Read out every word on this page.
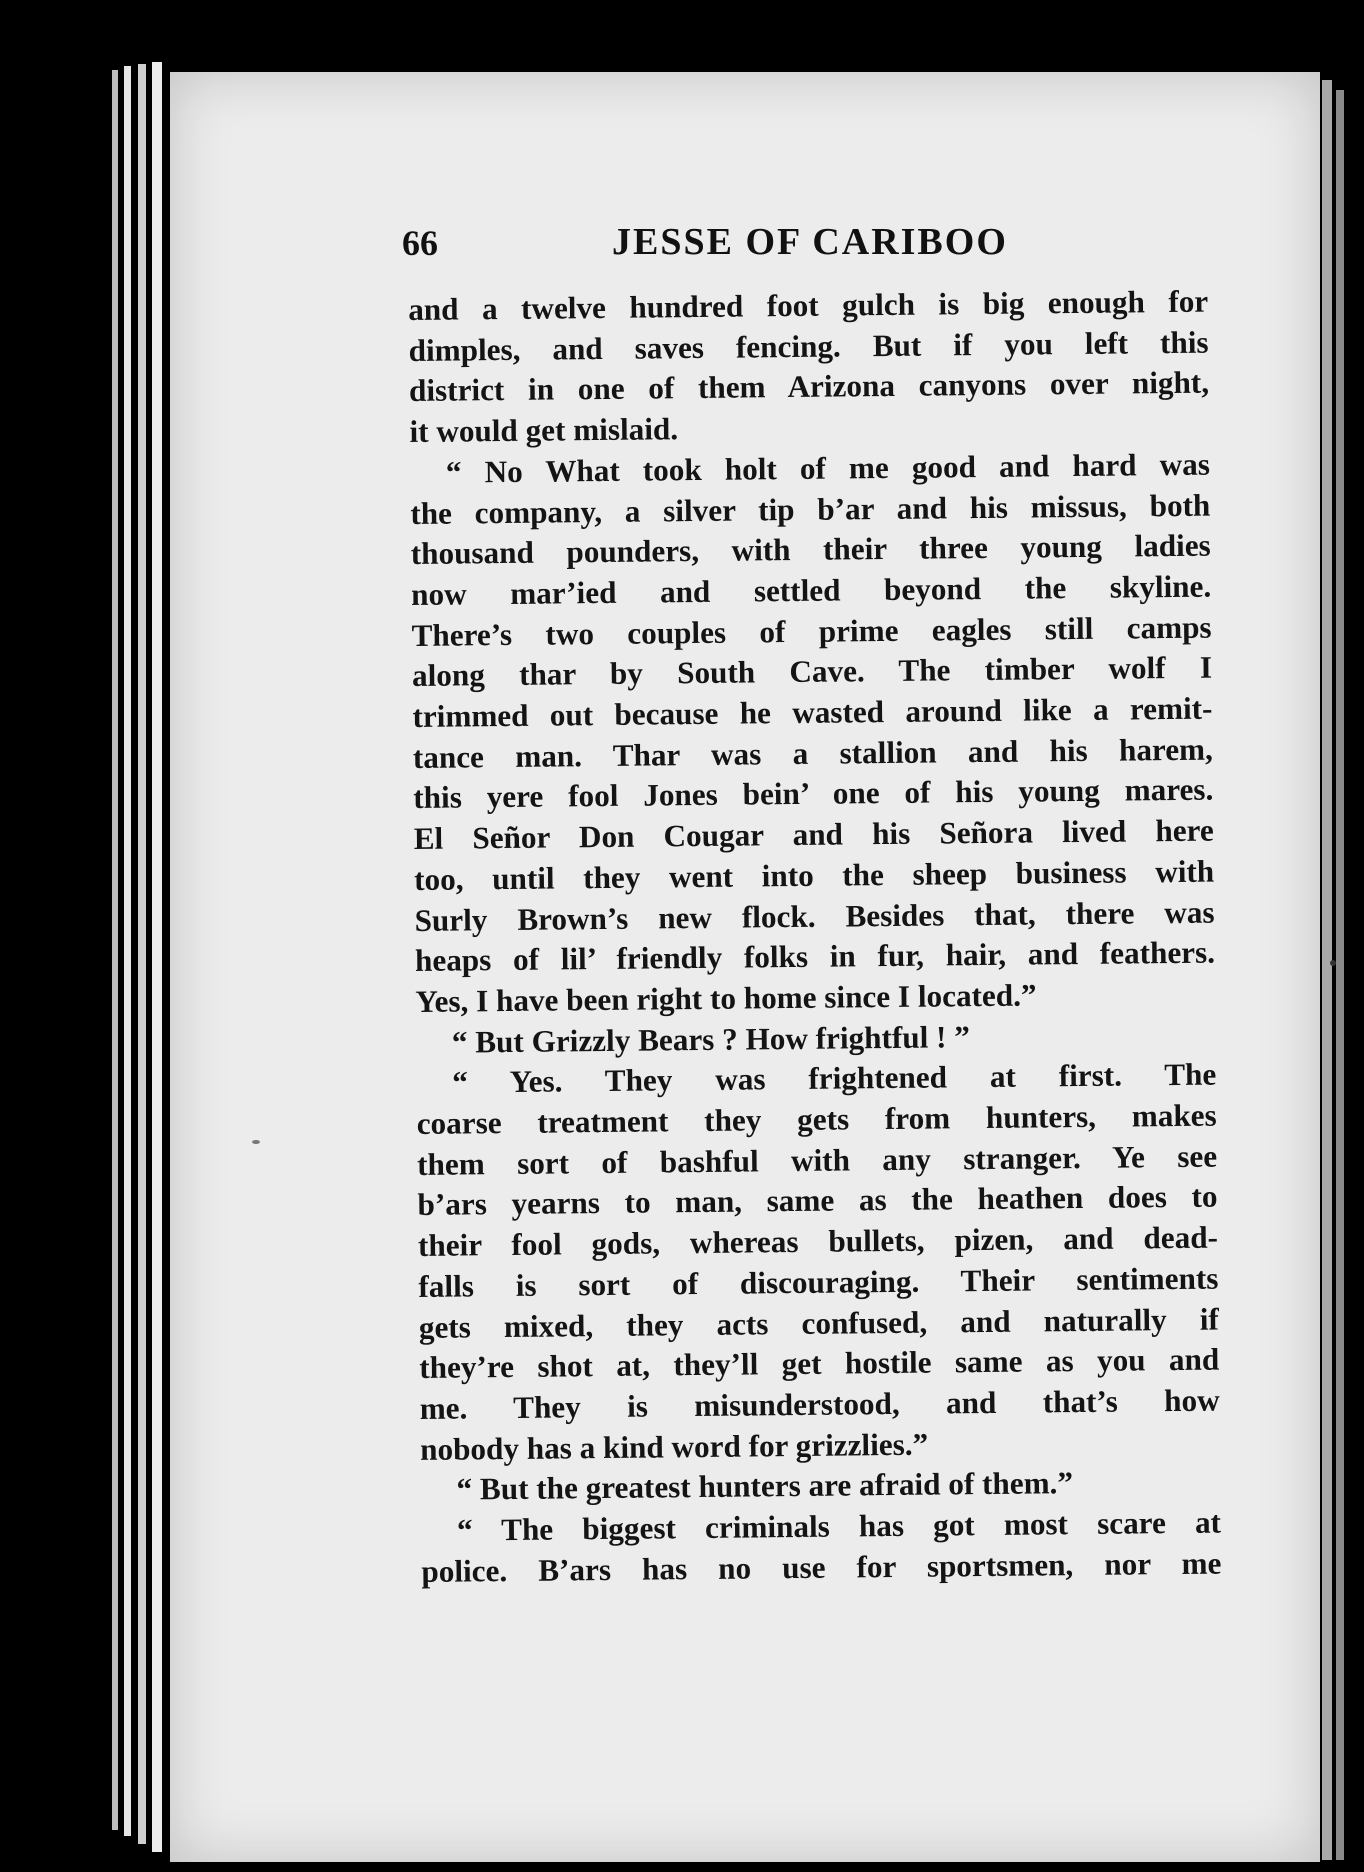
66	JESSE OF CARIBOO
and a twelve hundred foot gulch is big enough for
dimples, and saves fencing. But if you left this
district in one of them Arizona canyons over night,
it would get mislaid.
“ No What took holt of me good and hard was
the company, a silver tip b’ar and his missus, both
thousand pounders, with their three young ladies
now mar’ied and settled beyond the skyline.
There’s two couples of prime eagles still camps
along thar by South Cave. The timber wolf I
trimmed out because he wasted around like a remit-
tance man. Thar was a stallion and his harem,
this yere fool Jones bein’ one of his young mares.
El Señor Don Cougar and his Señora lived here
too, until they went into the sheep business with
Surly Brown’s new flock. Besides that, there was
heaps of lil’ friendly folks in fur, hair, and feathers.
Yes, I have been right to home since I located.”
“ But Grizzly Bears ? How frightful ! ”
“ Yes. They was frightened at first. The
coarse treatment they gets from hunters, makes
them sort of bashful with any stranger. Ye see
b’ars yearns to man, same as the heathen does to
their fool gods, whereas bullets, pizen, and dead-
falls is sort of discouraging. Their sentiments
gets mixed, they acts confused, and naturally if
they’re shot at, they’ll get hostile same as you and
me. They is misunderstood, and that’s how
nobody has a kind word for grizzlies.”
“ But the greatest hunters are afraid of them.”
“ The biggest criminals has got most scare at
police. B’ars has no use for sportsmen, nor me
